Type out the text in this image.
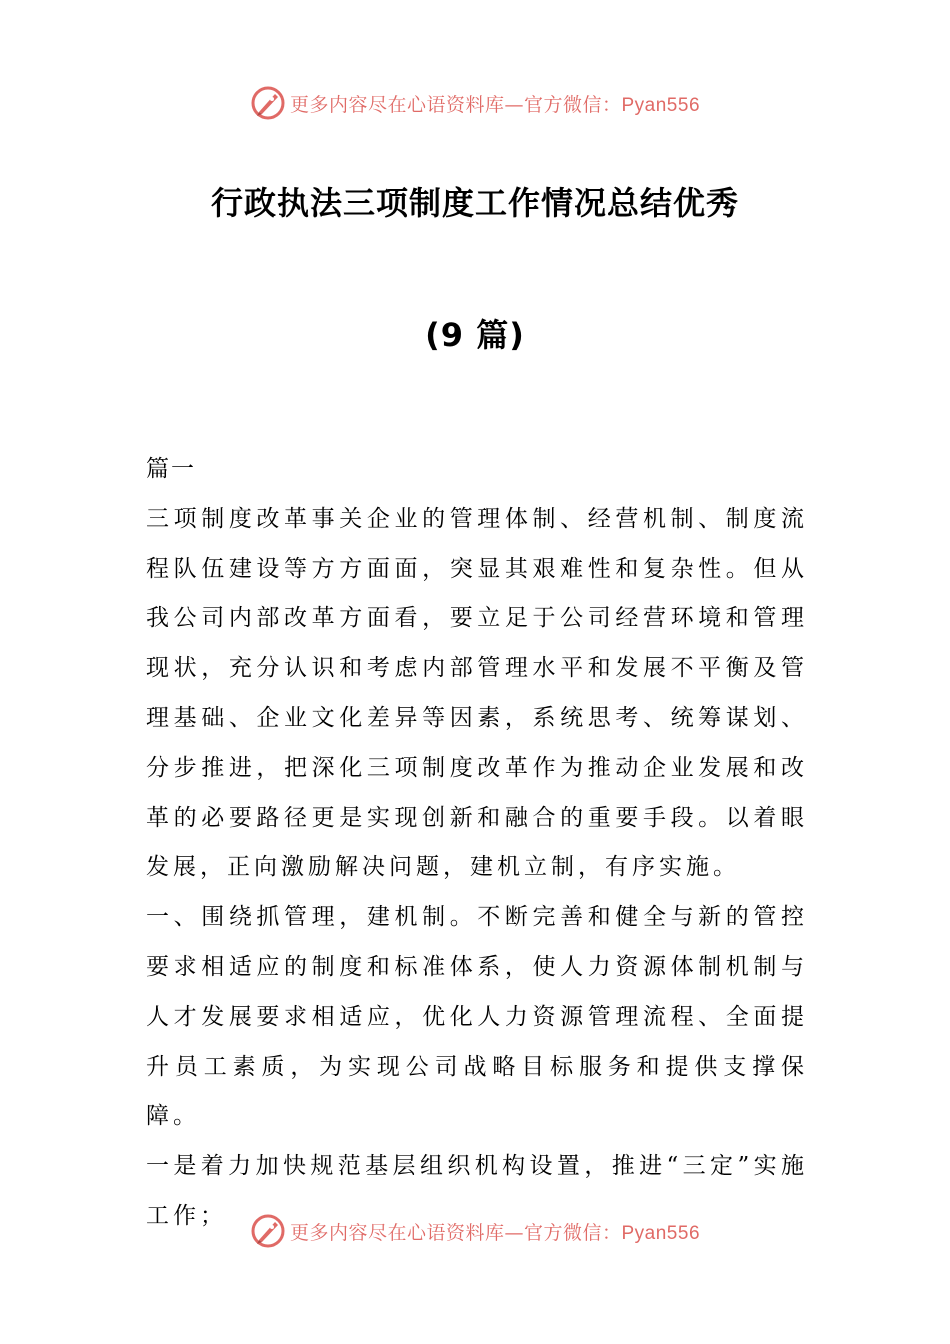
更多内容尽在心语资料库—官方微信：Pyan556
行政执法三项制度工作情况总结优秀
(9 篇)

篇一

三项制度改革事关企业的管理体制、经营机制、制度流程队伍建设等方方面面，突显其艰难性和复杂性。但从我公司内部改革方面看，要立足于公司经营环境和管理现状，充分认识和考虑内部管理水平和发展不平衡及管理基础、企业文化差异等因素，系统思考、统筹谋划、分步推进，把深化三项制度改革作为推动企业发展和改革的必要路径更是实现创新和融合的重要手段。以着眼发展，正向激励解决问题，建机立制，有序实施。

一、围绕抓管理，建机制。不断完善和健全与新的管控要求相适应的制度和标准体系，使人力资源体制机制与人才发展要求相适应，优化人力资源管理流程、全面提升员工素质，为实现公司战略目标服务和提供支撑保障。

一是着力加快规范基层组织机构设置，推进“三定”实施工作；

更多内容尽在心语资料库—官方微信：Pyan556
